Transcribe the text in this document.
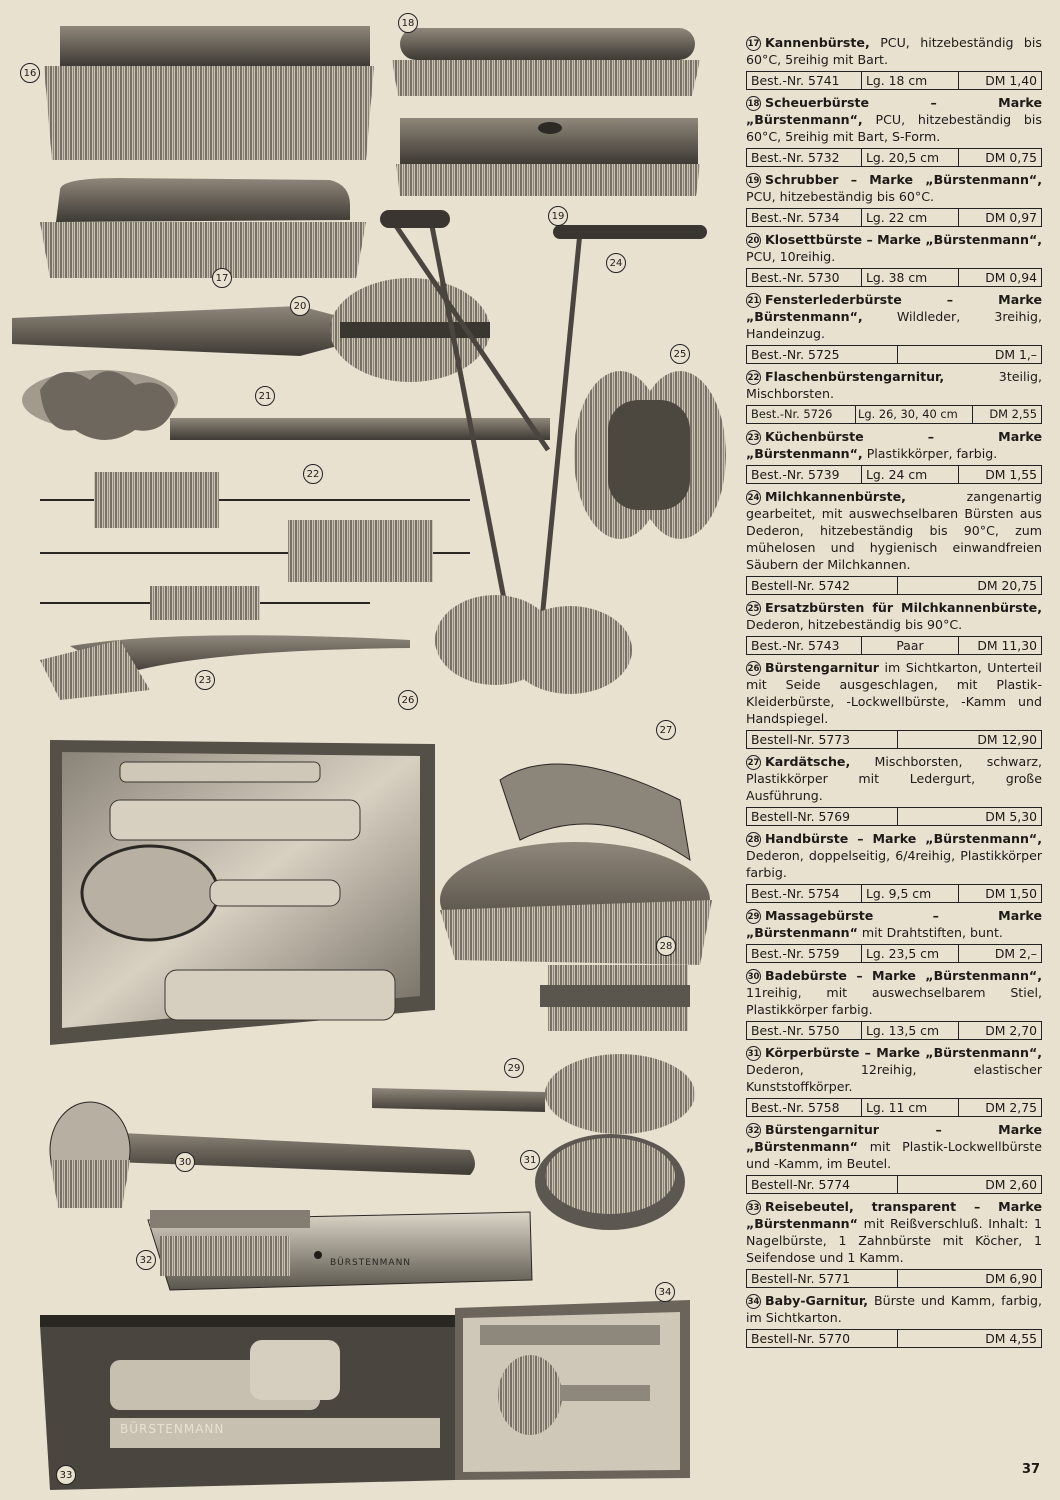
BÜRSTENMANN
BÜRSTENMANN
16
17
18
19
20
21
22
23
24
25
26
27
28
29
30	31
32
33
34

17 Kannenbürste, PCU, hitzebeständig bis 60°C, 5reihig mit Bart.

Best.-Nr. 5741	Lg. 18 cm	DM 1,40

18 Scheuerbürste – Marke „Bürstenmann“, PCU, hitzebeständig bis 60°C, 5reihig mit Bart, S-Form.

Best.-Nr. 5732	Lg. 20,5 cm	DM 0,75

19 Schrubber – Marke „Bürstenmann“, PCU, hitzebeständig bis 60°C.

Best.-Nr. 5734	Lg. 22 cm	DM 0,97

20 Klosettbürste – Marke „Bürstenmann“, PCU, 10reihig.

Best.-Nr. 5730	Lg. 38 cm	DM 0,94

21 Fensterlederbürste – Marke „Bürstenmann“, Wildleder, 3reihig, Handeinzug.

Best.-Nr. 5725	DM 1,–

22 Flaschenbürstengarnitur, 3teilig, Mischborsten.

Best.-Nr. 5726	Lg. 26, 30, 40 cm	DM 2,55

23 Küchenbürste – Marke „Bürstenmann“, Plastikkörper, farbig.

Best.-Nr. 5739	Lg. 24 cm	DM 1,55

24 Milchkannenbürste, zangenartig gearbeitet, mit auswechselbaren Bürsten aus Dederon, hitzebeständig bis 90°C, zum mühelosen und hygienisch einwandfreien Säubern der Milchkannen.

Bestell-Nr. 5742	DM 20,75

25 Ersatzbürsten für Milchkannenbürste, Dederon, hitzebeständig bis 90°C.

Best.-Nr. 5743	Paar	DM 11,30

26 Bürstengarnitur im Sichtkarton, Unterteil mit Seide ausgeschlagen, mit Plastik-Kleiderbürste, -Lockwellbürste, -Kamm und Handspiegel.

Bestell-Nr. 5773	DM 12,90

27 Kardätsche, Mischborsten, schwarz, Plastikkörper mit Ledergurt, große Ausführung.

Bestell-Nr. 5769	DM 5,30

28 Handbürste – Marke „Bürstenmann“, Dederon, doppelseitig, 6/4reihig, Plastikkörper farbig.

Best.-Nr. 5754	Lg. 9,5 cm	DM 1,50

29 Massagebürste – Marke „Bürstenmann“ mit Drahtstiften, bunt.

Best.-Nr. 5759	Lg. 23,5 cm	DM 2,–

30 Badebürste – Marke „Bürstenmann“, 11reihig, mit auswechselbarem Stiel, Plastikkörper farbig.

Best.-Nr. 5750	Lg. 13,5 cm	DM 2,70

31 Körperbürste – Marke „Bürstenmann“, Dederon, 12reihig, elastischer Kunststoffkörper.

Best.-Nr. 5758	Lg. 11 cm	DM 2,75

32 Bürstengarnitur – Marke „Bürstenmann“ mit Plastik-Lockwellbürste und -Kamm, im Beutel.

Bestell-Nr. 5774	DM 2,60

33 Reisebeutel, transparent – Marke „Bürstenmann“ mit Reißverschluß. Inhalt: 1 Nagelbürste, 1 Zahnbürste mit Köcher, 1 Seifendose und 1 Kamm.

Bestell-Nr. 5771	DM 6,90

34 Baby-Garnitur, Bürste und Kamm, farbig, im Sichtkarton.

Bestell-Nr. 5770	DM 4,55
37
